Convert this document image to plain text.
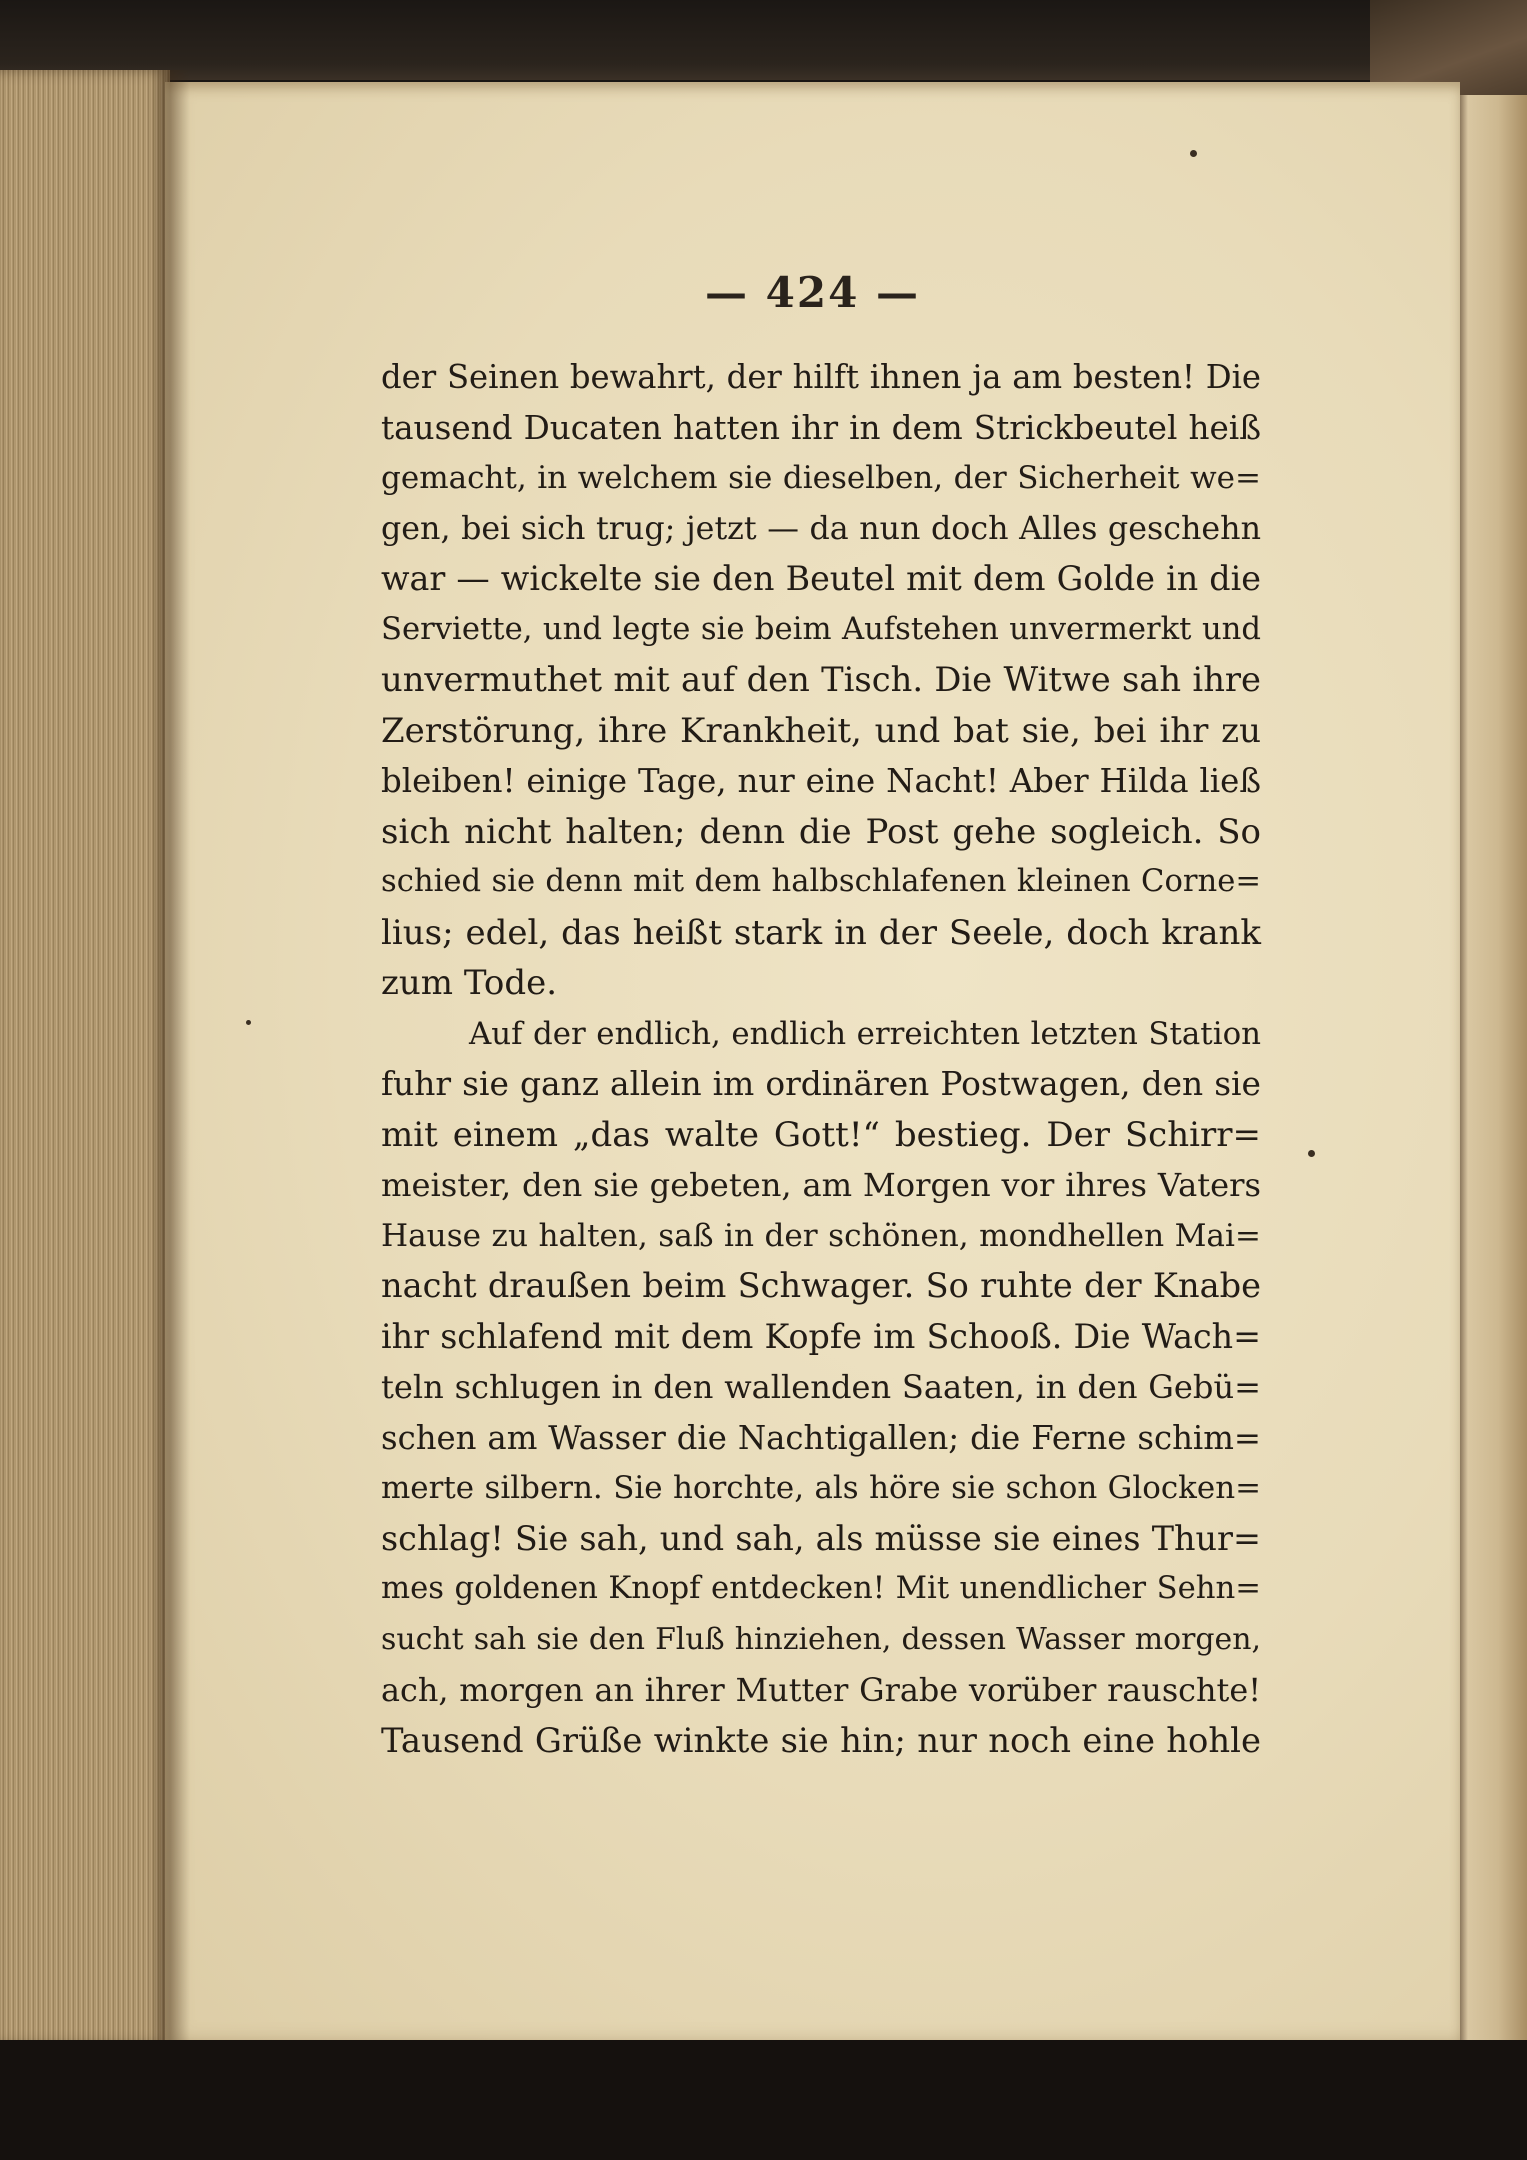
— 424 —
der Seinen bewahrt, der hilft ihnen ja am besten! Die
tausend Ducaten hatten ihr in dem Strickbeutel heiß
gemacht, in welchem sie dieselben, der Sicherheit we=
gen, bei sich trug; jetzt — da nun doch Alles geschehn
war — wickelte sie den Beutel mit dem Golde in die
Serviette, und legte sie beim Aufstehen unvermerkt und
unvermuthet mit auf den Tisch. Die Witwe sah ihre
Zerstörung, ihre Krankheit, und bat sie, bei ihr zu
bleiben! einige Tage, nur eine Nacht! Aber Hilda ließ
sich nicht halten; denn die Post gehe sogleich. So
schied sie denn mit dem halbschlafenen kleinen Corne=
lius; edel, das heißt stark in der Seele, doch krank
zum Tode.
Auf der endlich, endlich erreichten letzten Station
fuhr sie ganz allein im ordinären Postwagen, den sie
mit einem „das walte Gott!“ bestieg. Der Schirr=
meister, den sie gebeten, am Morgen vor ihres Vaters
Hause zu halten, saß in der schönen, mondhellen Mai=
nacht draußen beim Schwager. So ruhte der Knabe
ihr schlafend mit dem Kopfe im Schooß. Die Wach=
teln schlugen in den wallenden Saaten, in den Gebü=
schen am Wasser die Nachtigallen; die Ferne schim=
merte silbern. Sie horchte, als höre sie schon Glocken=
schlag! Sie sah, und sah, als müsse sie eines Thur=
mes goldenen Knopf entdecken! Mit unendlicher Sehn=
sucht sah sie den Fluß hinziehen, dessen Wasser morgen,
ach, morgen an ihrer Mutter Grabe vorüber rauschte!
Tausend Grüße winkte sie hin; nur noch eine hohle
